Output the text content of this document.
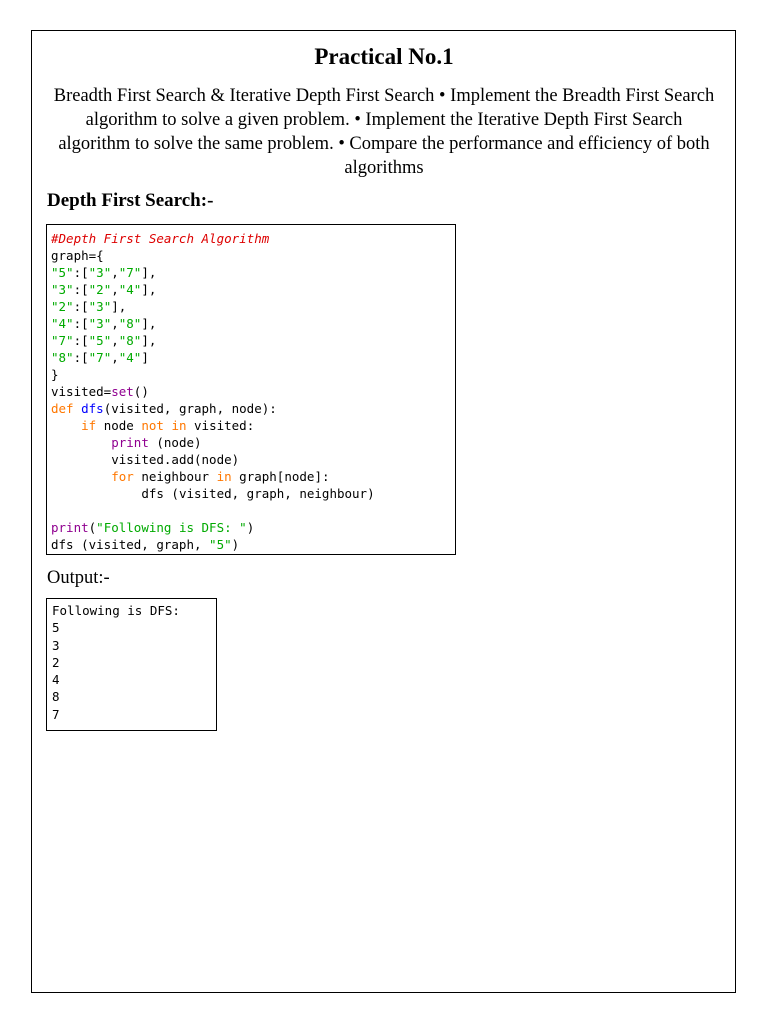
Practical No.1
Breadth First Search & Iterative Depth First Search • Implement the Breadth First Search algorithm to solve a given problem. • Implement the Iterative Depth First Search algorithm to solve the same problem. • Compare the performance and efficiency of both algorithms
Depth First Search:-
#Depth First Search Algorithm
graph={
"5":["3","7"],
"3":["2","4"],
"2":["3"],
"4":["3","8"],
"7":["5","8"],
"8":["7","4"]
}
visited=set()
def dfs(visited, graph, node):
if node not in visited:
print (node)
visited.add(node)
for neighbour in graph[node]:
dfs (visited, graph, neighbour)
print("Following is DFS: ")
dfs (visited, graph, "5")
Output:-
Following is DFS:
5
3
2
4
8
7
